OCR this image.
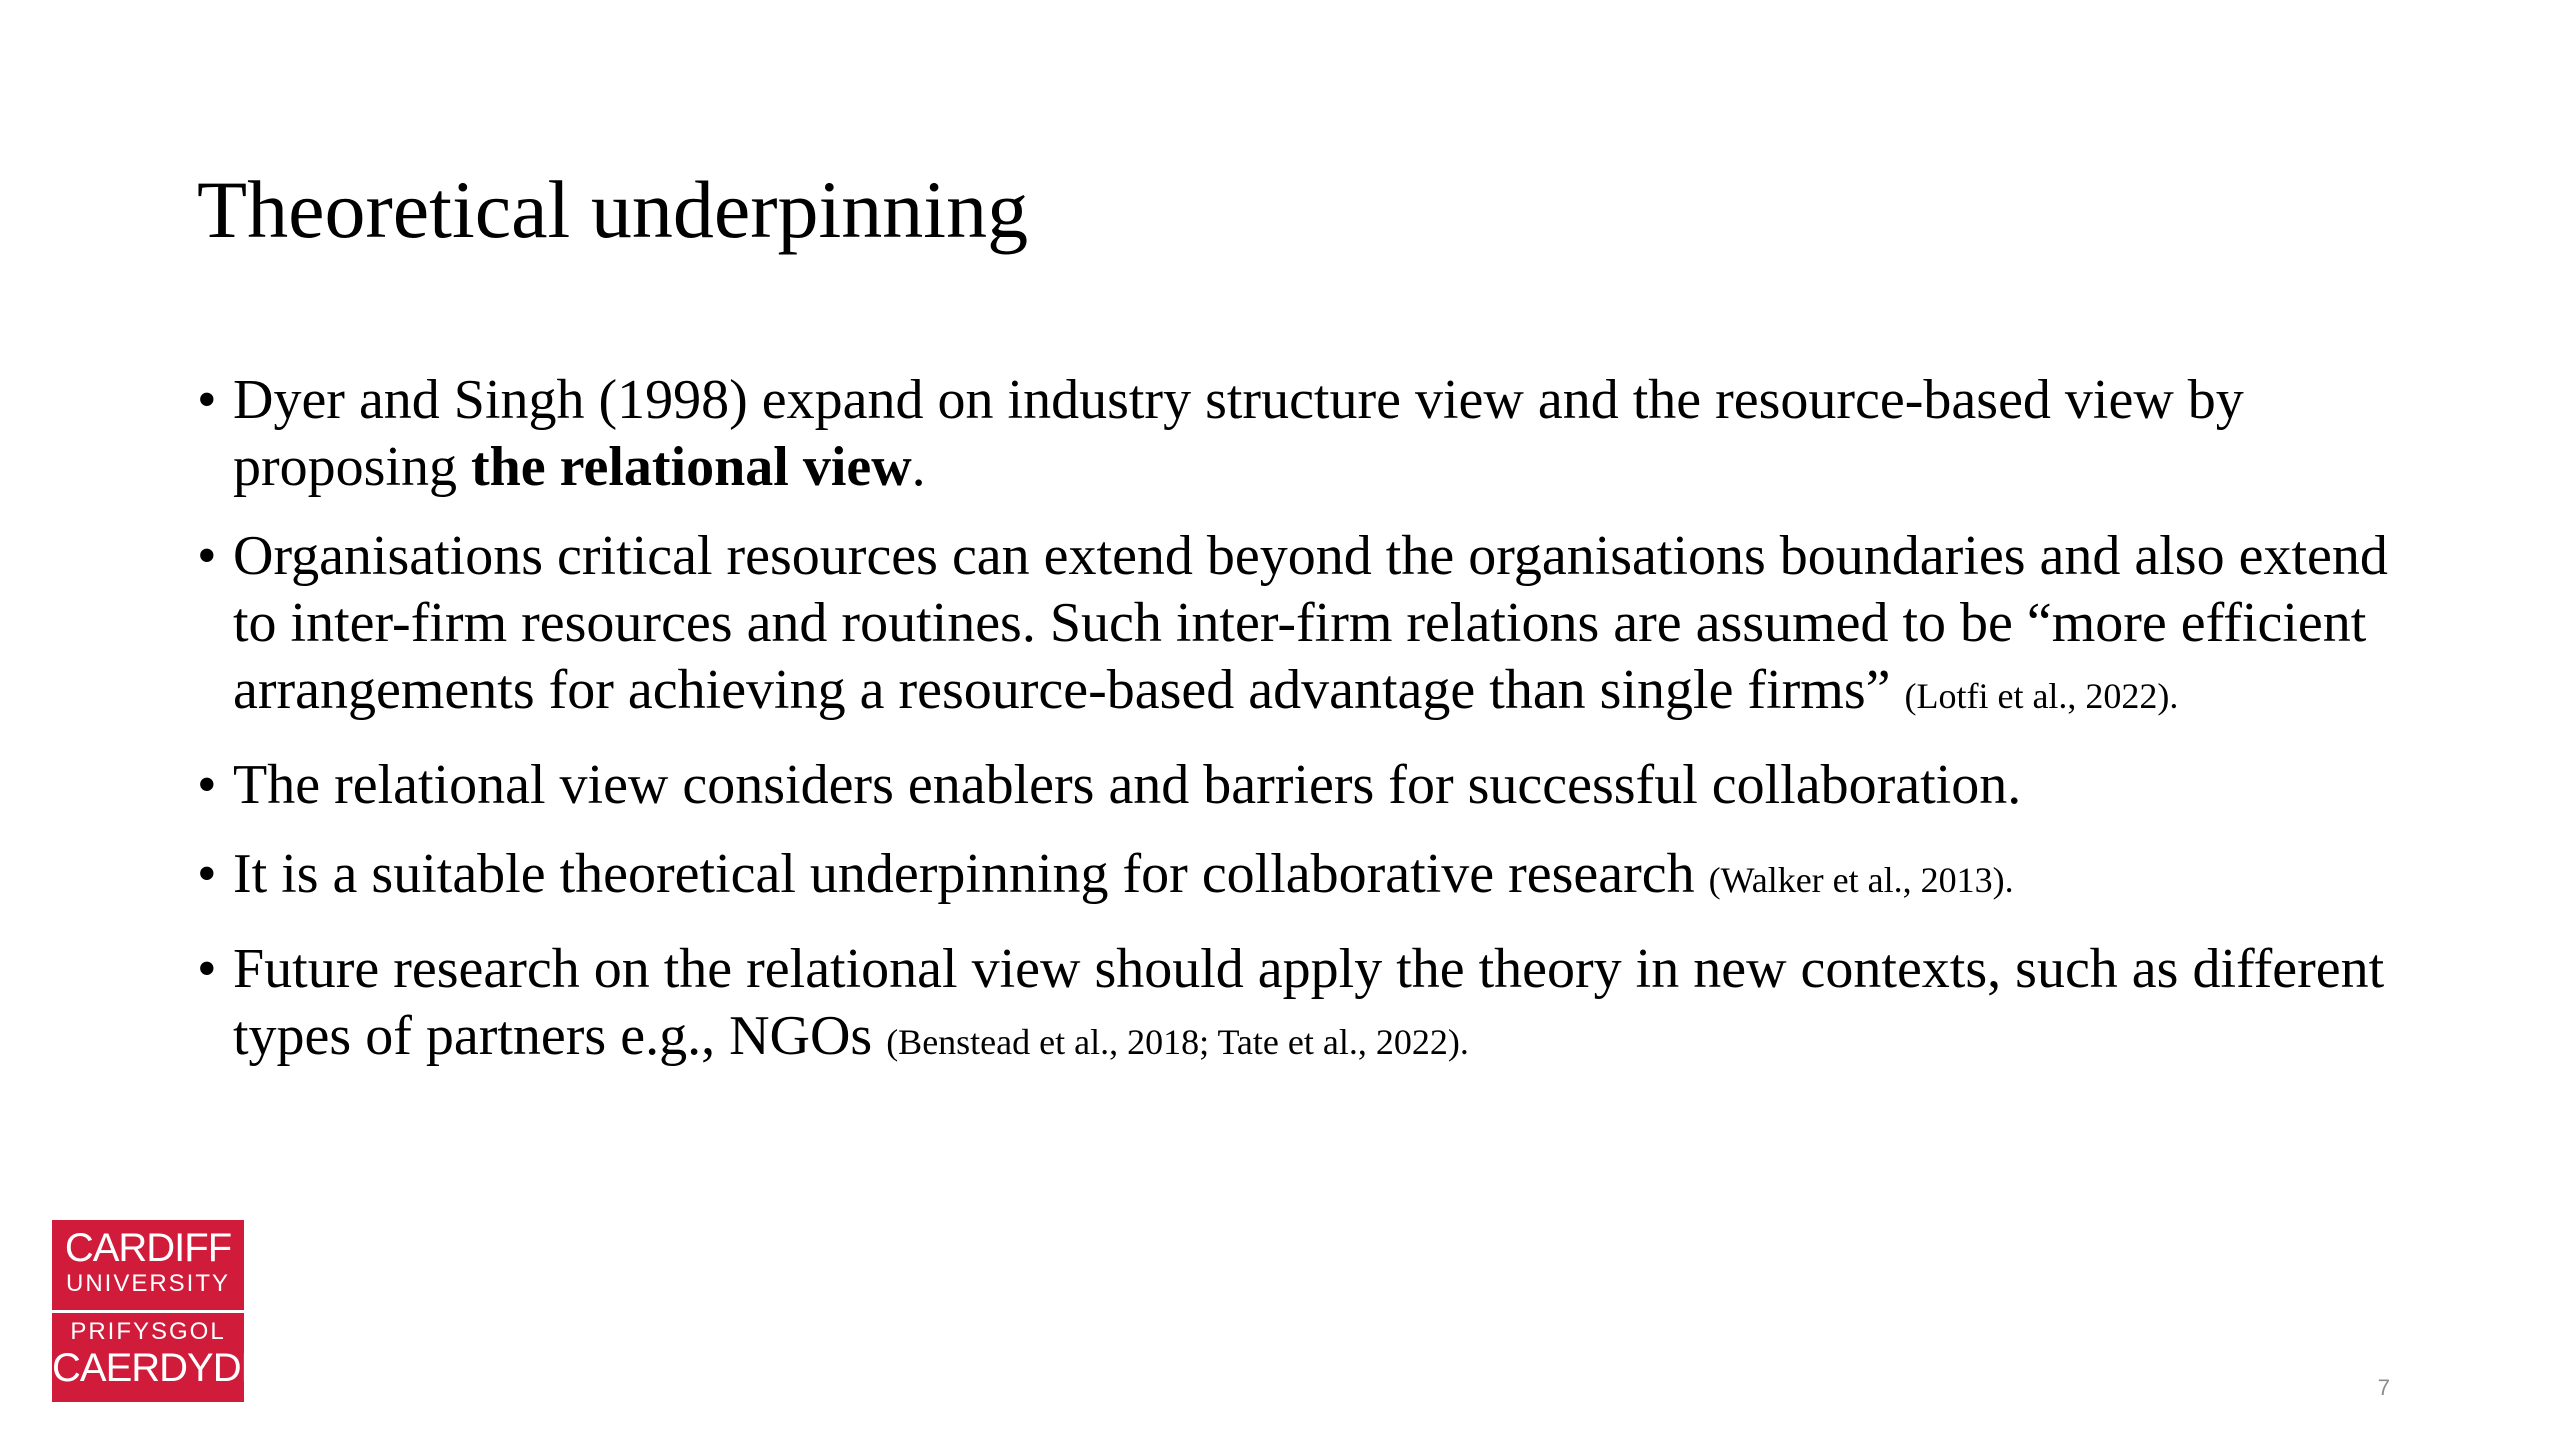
Theoretical underpinning
• Dyer and Singh (1998) expand on industry structure view and the resource-based view by proposing the relational view.
• Organisations critical resources can extend beyond the organisations boundaries and also extend to inter-firm resources and routines. Such inter-firm relations are assumed to be “more efficient arrangements for achieving a resource-based advantage than single firms” (Lotfi et al., 2022).
• The relational view considers enablers and barriers for successful collaboration.
• It is a suitable theoretical underpinning for collaborative research (Walker et al., 2013).
• Future research on the relational view should apply the theory in new contexts, such as different types of partners e.g., NGOs (Benstead et al., 2018; Tate et al., 2022).
CARDIFF
UNIVERSITY
PRIFYSGOL
CAERDYDD	7
